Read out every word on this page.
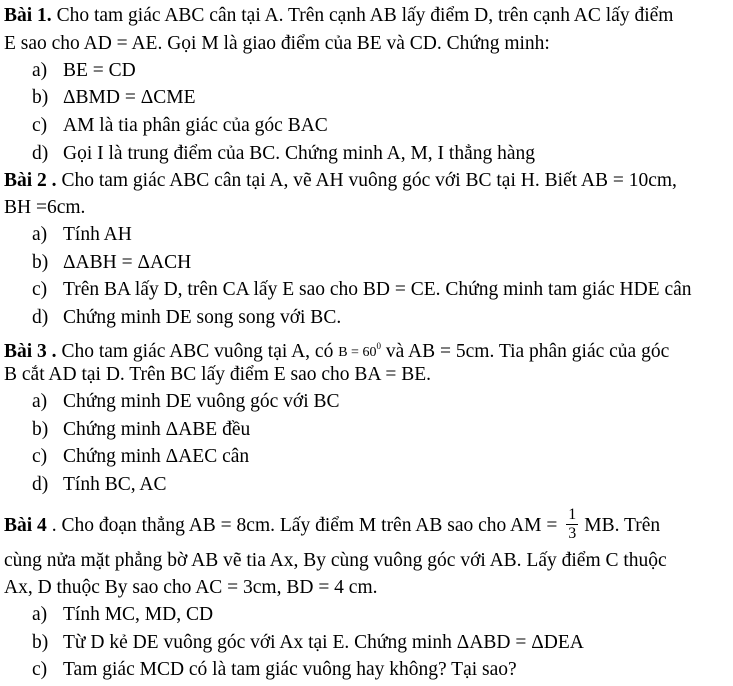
Bài 1. Cho tam giác ABC cân tại A. Trên cạnh AB lấy điểm D, trên cạnh AC lấy điểm
E sao cho AD = AE. Gọi M là giao điểm của BE và CD. Chứng minh:
a) BE = CD
b) ΔBMD = ΔCME
c) AM là tia phân giác của góc BAC
d) Gọi I là trung điểm của BC. Chứng minh A, M, I thẳng hàng
Bài 2 . Cho tam giác ABC cân tại A, vẽ AH vuông góc với BC tại H. Biết AB = 10cm,
BH =6cm.
a) Tính AH
b) ΔABH = ΔACH
c) Trên BA lấy D, trên CA lấy E sao cho BD = CE. Chứng minh tam giác HDE cân
d) Chứng minh DE song song với BC.
Bài 3 . Cho tam giác ABC vuông tại A, có $B = 60^0$ và AB = 5cm. Tia phân giác của góc
B cắt AD tại D. Trên BC lấy điểm E sao cho BA = BE.
a) Chứng minh DE vuông góc với BC
b) Chứng minh ΔABE đều
c) Chứng minh ΔAEC cân
d) Tính BC, AC
Bài 4 . Cho đoạn thẳng AB = 8cm. Lấy điểm M trên AB sao cho AM = $\frac{1}{3}$ MB. Trên
cùng nửa mặt phẳng bờ AB vẽ tia Ax, By cùng vuông góc với AB. Lấy điểm C thuộc
Ax, D thuộc By sao cho AC = 3cm, BD = 4 cm.
a) Tính MC, MD, CD
b) Từ D kẻ DE vuông góc với Ax tại E. Chứng minh ΔABD = ΔDEA
c) Tam giác MCD có là tam giác vuông hay không? Tại sao?
